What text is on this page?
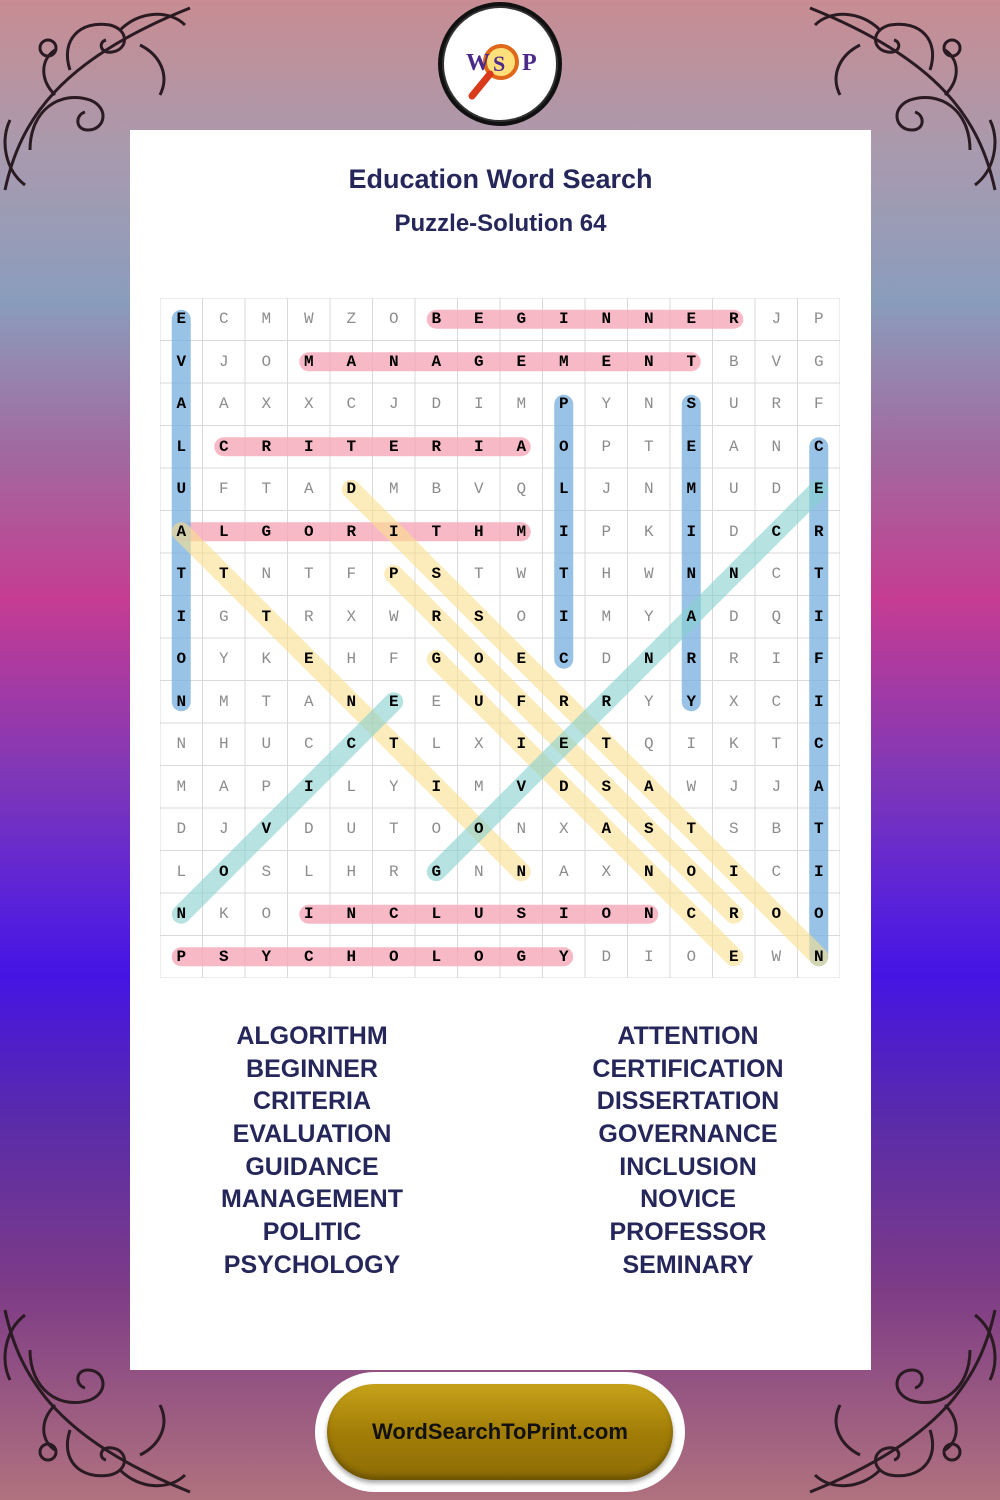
W S P
Education Word Search
Puzzle-Solution 64
E	C	M	W	Z	O	B	E	G	I	N	N	E	R	J	P
V	J	O	M	A	N	A	G	E	M	E	N	T	B	V	G
A	A	X	X	C	J	D	I	M	P	Y	N	S	U	R	F
L	C	R	I	T	E	R	I	A	O	P	T	E	A	N	C
U	F	T	A	D	M	B	V	Q	L	J	N	M	U	D	E
A	L	G	O	R	I	T	H	M	I	P	K	I	D	C	R
T	T	N	T	F	P	S	T	W	T	H	W	N	N	C	T
I	G	T	R	X	W	R	S	O	I	M	Y	A	D	Q	I
O	Y	K	E	H	F	G	O	E	C	D	N	R	R	I	F
N	M	T	A	N	E	E	U	F	R	R	Y	Y	X	C	I
N	H	U	C	C	T	L	X	I	E	T	Q	I	K	T	C
M	A	P	I	L	Y	I	M	V	D	S	A	W	J	J	A
D	J	V	D	U	T	O	O	N	X	A	S	T	S	B	T
L	O	S	L	H	R	G	N	N	A	X	N	O	I	C	I
N	K	O	I	N	C	L	U	S	I	O	N	C	R	O	O
P	S	Y	C	H	O	L	O	G	Y	D	I	O	E	W	N
ALGORITHM
BEGINNER
CRITERIA
EVALUATION
GUIDANCE
MANAGEMENT
POLITIC
PSYCHOLOGY
ATTENTION
CERTIFICATION
DISSERTATION
GOVERNANCE
INCLUSION
NOVICE
PROFESSOR
SEMINARY
WordSearchToPrint.com
